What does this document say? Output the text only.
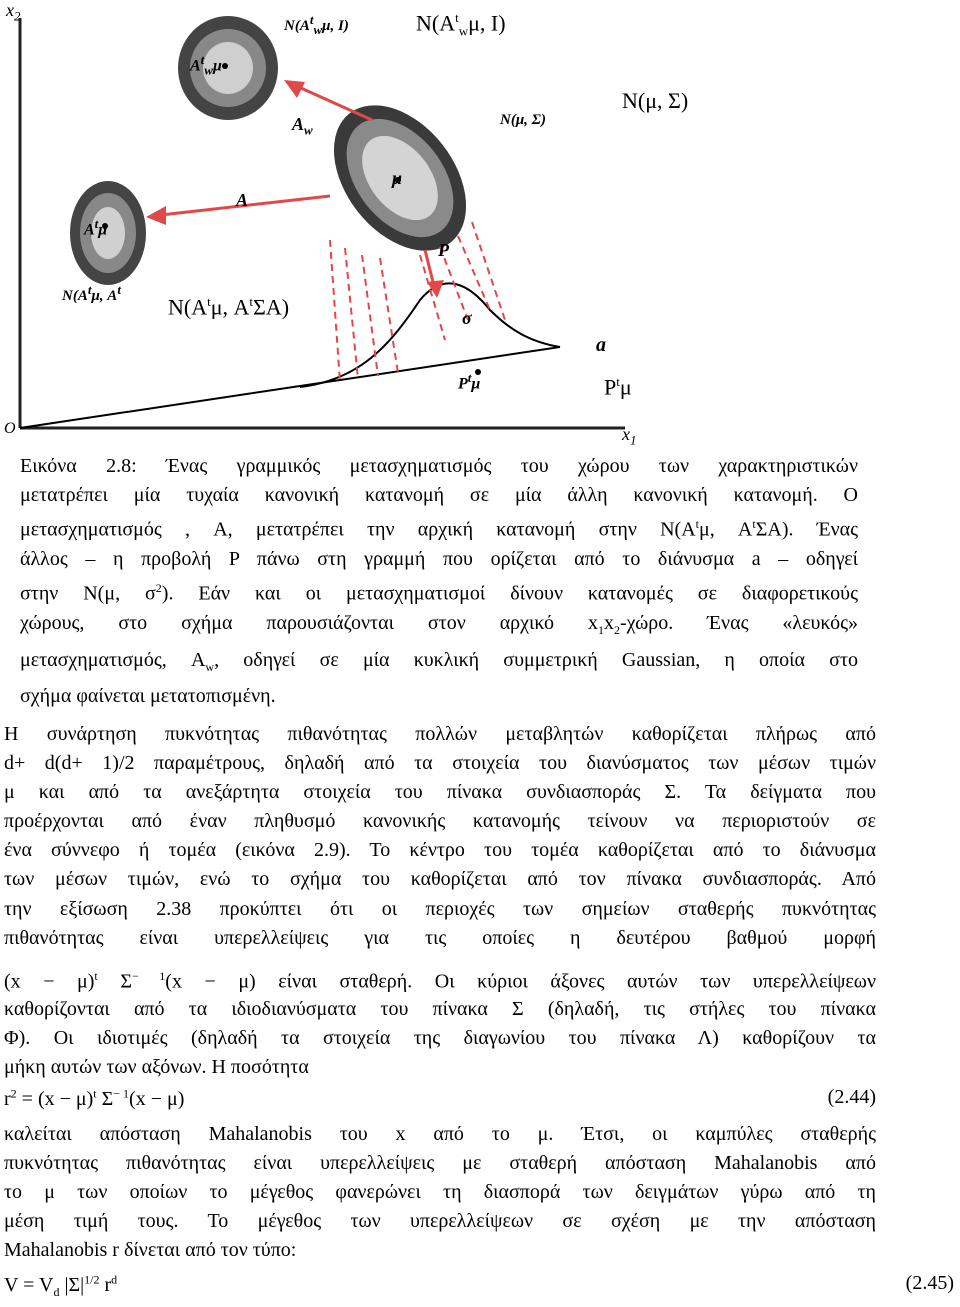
$x_2$
O	$x_1$
a
A
$A_w$
P
σ
μ
$A^t_w\mu$
$A^t\mu$
$P^t\mu$
$N(A^t_w\mu$, I)
N(μ, Σ)
$N(A^t\mu$, $A^t$
$N(A^t_w\mu$, I)
N(μ, Σ)
$N(A^t\mu$, $A^t\Sigma A$)
$P^t\mu$
Εικόνα 2.8: Ένας γραμμικός μετασχηματισμός του χώρου των χαρακτηριστικών
μετατρέπει μία τυχαία κανονική κατανομή σε μία άλλη κανονική κατανομή. Ο
μετασχηματισμός , A, μετατρέπει την αρχική κατανομή στην $N(A^t\mu$, $A^t\Sigma A$). Ένας
άλλος – η προβολή P πάνω στη γραμμή που ορίζεται από το διάνυσμα a – οδηγεί
στην N(μ, $\sigma^2$). Εάν και οι μετασχηματισμοί δίνουν κατανομές σε διαφορετικούς
χώρους, στο σχήμα παρουσιάζονται στον αρχικό $x_1x_2$-χώρο. Ένας «λευκός»
μετασχηματισμός, $A_w$, οδηγεί σε μία κυκλική συμμετρική Gaussian, η οποία στο
σχήμα φαίνεται μετατοπισμένη.
Η συνάρτηση πυκνότητας πιθανότητας πολλών μεταβλητών καθορίζεται πλήρως από
d+ d(d+ 1)/2 παραμέτρους, δηλαδή από τα στοιχεία του διανύσματος των μέσων τιμών
μ και από τα ανεξάρτητα στοιχεία του πίνακα συνδιασποράς Σ. Τα δείγματα που
προέρχονται από έναν πληθυσμό κανονικής κατανομής τείνουν να περιοριστούν σε
ένα σύννεφο ή τομέα (εικόνα 2.9). Το κέντρο του τομέα καθορίζεται από το διάνυσμα
των μέσων τιμών, ενώ το σχήμα του καθορίζεται από τον πίνακα συνδιασποράς. Από
την εξίσωση 2.38 προκύπτει ότι οι περιοχές των σημείων σταθερής πυκνότητας
πιθανότητας είναι υπερελλείψεις για τις οποίες η δευτέρου βαθμού μορφή
$(x - \mu)^t$ $\Sigma^{- 1}(x - \mu)$ είναι σταθερή. Οι κύριοι άξονες αυτών των υπερελλείψεων
καθορίζονται από τα ιδιοδιανύσματα του πίνακα Σ (δηλαδή, τις στήλες του πίνακα
Φ). Οι ιδιοτιμές (δηλαδή τα στοιχεία της διαγωνίου του πίνακα Λ) καθορίζουν τα
μήκη αυτών των αξόνων. Η ποσότητα
$r^2 = (x - \mu)^t$ $\Sigma^{- 1}(x - \mu)$	(2.44)
καλείται απόσταση Mahalanobis του x από το μ. Έτσι, οι καμπύλες σταθερής
πυκνότητας πιθανότητας είναι υπερελλείψεις με σταθερή απόσταση Mahalanobis από
το μ των οποίων το μέγεθος φανερώνει τη διασπορά των δειγμάτων γύρω από τη
μέση τιμή τους. Το μέγεθος των υπερελλείψεων σε σχέση με την απόσταση
Mahalanobis r δίνεται από τον τύπο:
$V = V_d$ $|\Sigma|^{1/2}$ $r^d$	(2.45)
